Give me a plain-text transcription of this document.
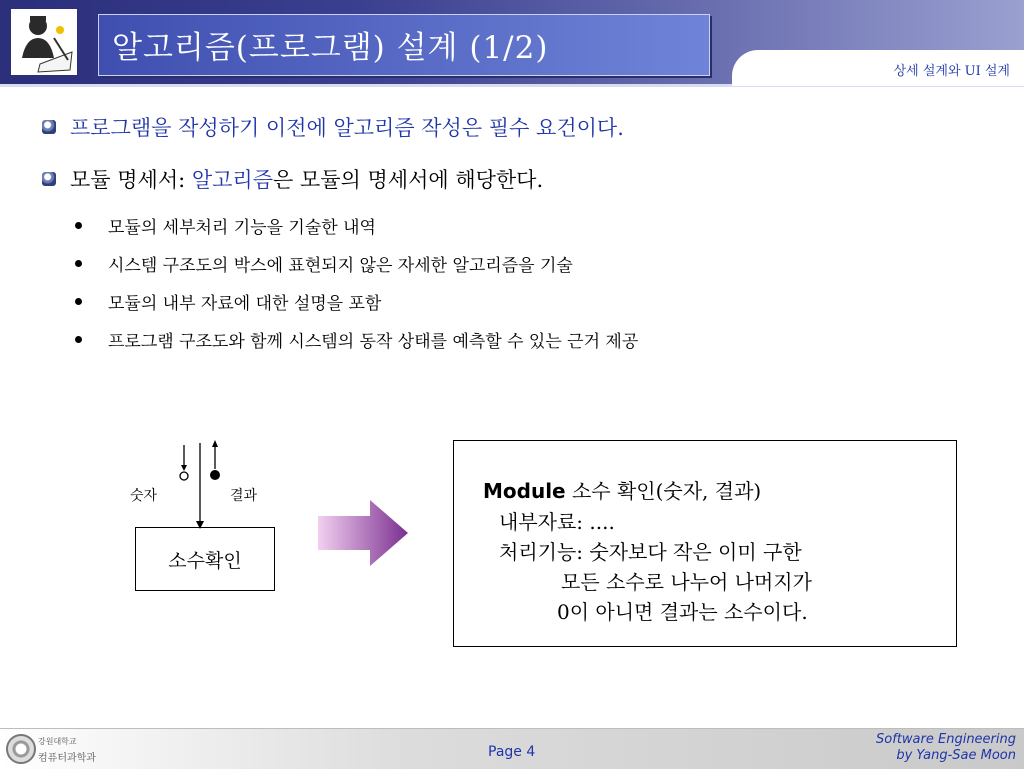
알고리즘(프로그램) 설계 (1/2)
상세 설계와 UI 설계
프로그램을 작성하기 이전에 알고리즘 작성은 필수 요건이다.
모듈 명세서: 알고리즘은 모듈의 명세서에 해당한다.
모듈의 세부처리 기능을 기술한 내역
시스템 구조도의 박스에 표현되지 않은 자세한 알고리즘을 기술
모듈의 내부 자료에 대한 설명을 포함
프로그램 구조도와 함께 시스템의 동작 상태를 예측할 수 있는 근거 제공
숫자	결과
소수확인
Module 소수 확인(숫자, 결과)
내부자료: ....
처리기능: 숫자보다 작은 이미 구한
모든 소수로 나누어 나머지가
0이 아니면 결과는 소수이다.
강원대학교
컴퓨터과학과	Page 4
Software Engineering
by Yang-Sae Moon
